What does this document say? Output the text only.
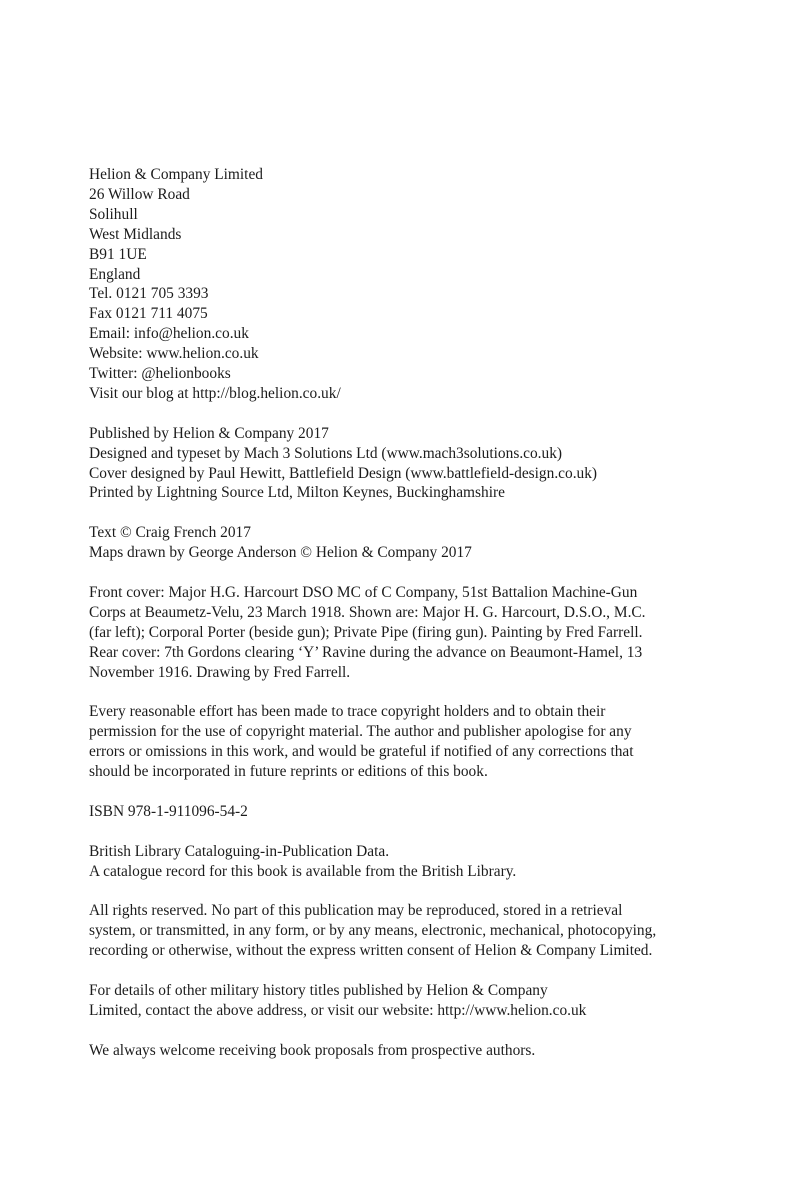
Helion & Company Limited
26 Willow Road
Solihull
West Midlands
B91 1UE
England
Tel. 0121 705 3393
Fax 0121 711 4075
Email: info@helion.co.uk
Website: www.helion.co.uk
Twitter: @helionbooks
Visit our blog at http://blog.helion.co.uk/
Published by Helion & Company 2017
Designed and typeset by Mach 3 Solutions Ltd (www.mach3solutions.co.uk)
Cover designed by Paul Hewitt, Battlefield Design (www.battlefield-design.co.uk)
Printed by Lightning Source Ltd, Milton Keynes, Buckinghamshire
Text © Craig French 2017
Maps drawn by George Anderson © Helion & Company 2017
Front cover: Major H.G. Harcourt DSO MC of C Company, 51st Battalion Machine-Gun
Corps at Beaumetz-Velu, 23 March 1918. Shown are: Major H. G. Harcourt, D.S.O., M.C.
(far left); Corporal Porter (beside gun); Private Pipe (firing gun). Painting by Fred Farrell.
Rear cover: 7th Gordons clearing ‘Y’ Ravine during the advance on Beaumont-Hamel, 13
November 1916. Drawing by Fred Farrell.
Every reasonable effort has been made to trace copyright holders and to obtain their
permission for the use of copyright material. The author and publisher apologise for any
errors or omissions in this work, and would be grateful if notified of any corrections that
should be incorporated in future reprints or editions of this book.
ISBN 978-1-911096-54-2
British Library Cataloguing-in-Publication Data.
A catalogue record for this book is available from the British Library.
All rights reserved. No part of this publication may be reproduced, stored in a retrieval
system, or transmitted, in any form, or by any means, electronic, mechanical, photocopying,
recording or otherwise, without the express written consent of Helion & Company Limited.
For details of other military history titles published by Helion & Company
Limited, contact the above address, or visit our website: http://www.helion.co.uk
We always welcome receiving book proposals from prospective authors.
